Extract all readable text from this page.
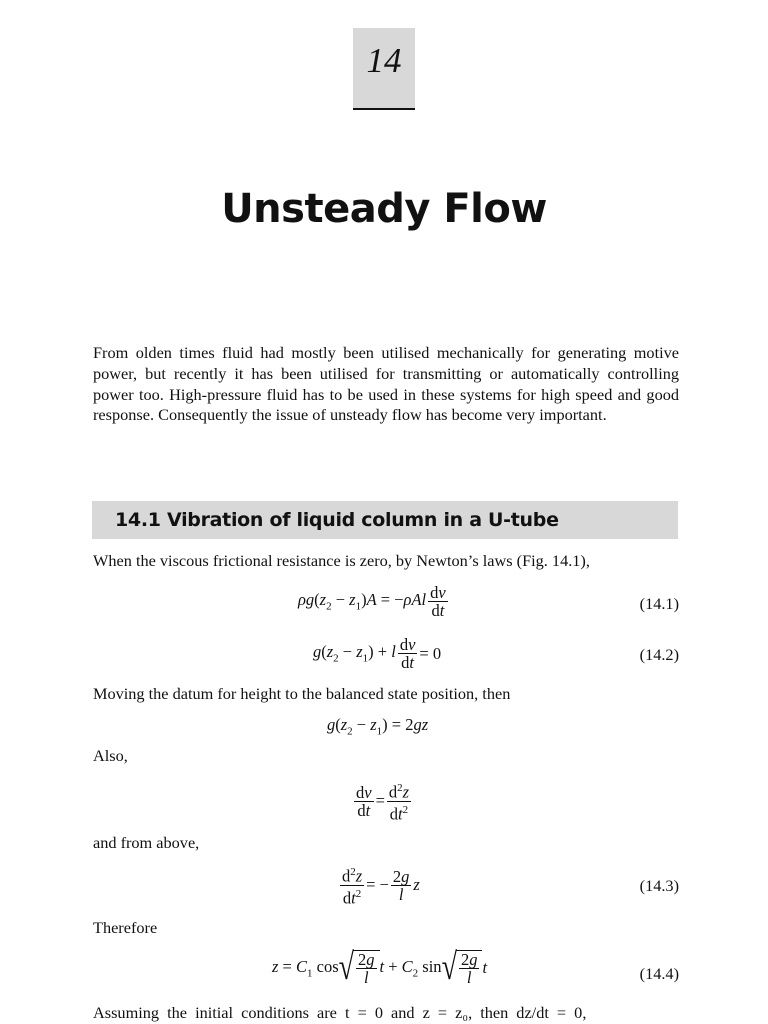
14
Unsteady Flow
From olden times fluid had mostly been utilised mechanically for generating motive power, but recently it has been utilised for transmitting or automatically controlling power too. High-pressure fluid has to be used in these systems for high speed and good response. Consequently the issue of unsteady flow has become very important.
14.1 Vibration of liquid column in a U-tube
When the viscous frictional resistance is zero, by Newton’s laws (Fig. 14.1),
$\rho g(z_2 - z_1)A = -\rho Al \frac{dv}{dt}$	(14.1)
$g(z_2 - z_1) + l \frac{dv}{dt} = 0$	(14.2)
Moving the datum for height to the balanced state position, then
$g(z_2 - z_1) = 2gz$
Also,
$\frac{dv}{dt} = \frac{d^2z}{dt^2}$
and from above,
$\frac{d^2z}{dt^2}$ = − $\frac{2g}{l}$ z	(14.3)
Therefore
$z = C_1$ cos √ $\frac{2g}{l}$ $t + C_2$ sin √ $\frac{2g}{l}$ t	(14.4)
Assuming the initial conditions are t = 0 and z = z₀, then dz/dt = 0,
